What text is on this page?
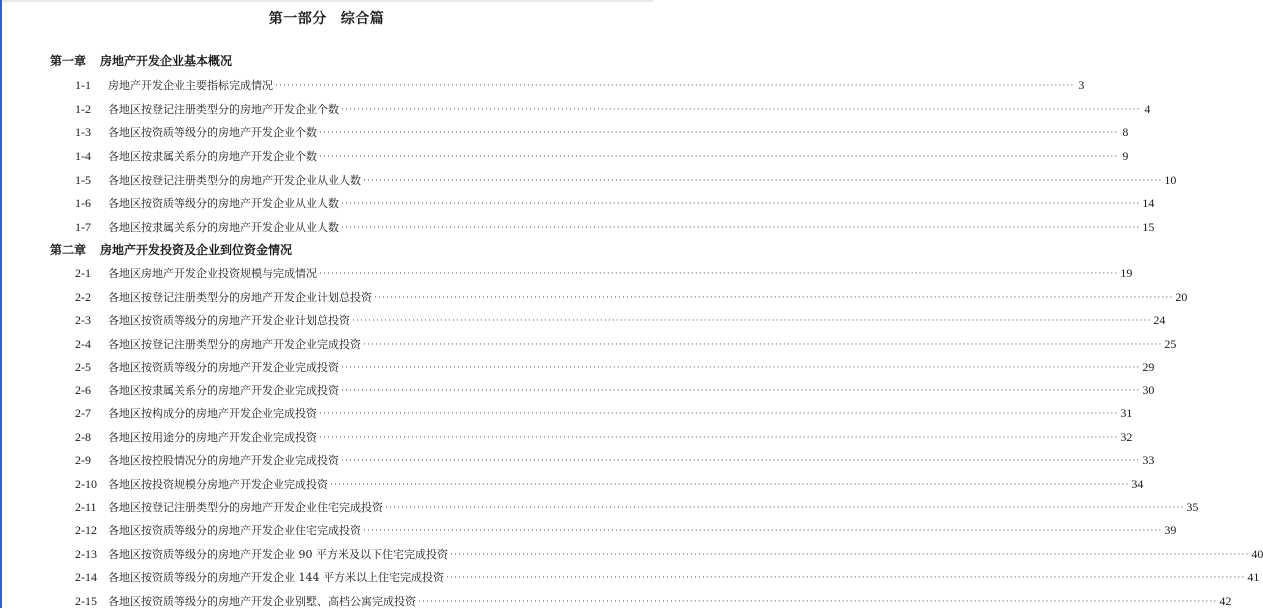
第一部分 综合篇
第一章 房地产开发企业基本概况
1-1	房地产开发企业主要指标完成情况 ········································································································································································································ 3
1-2	各地区按登记注册类型分的房地产开发企业个数 ········································································································································································································ 4
1-3	各地区按资质等级分的房地产开发企业个数 ········································································································································································································ 8
1-4	各地区按隶属关系分的房地产开发企业个数 ········································································································································································································ 9
1-5	各地区按登记注册类型分的房地产开发企业从业人数 ········································································································································································································ 10
1-6	各地区按资质等级分的房地产开发企业从业人数 ········································································································································································································ 14
1-7	各地区按隶属关系分的房地产开发企业从业人数 ········································································································································································································ 15
第二章 房地产开发投资及企业到位资金情况
2-1	各地区房地产开发企业投资规模与完成情况 ········································································································································································································ 19
2-2	各地区按登记注册类型分的房地产开发企业计划总投资 ········································································································································································································ 20
2-3	各地区按资质等级分的房地产开发企业计划总投资 ········································································································································································································ 24
2-4	各地区按登记注册类型分的房地产开发企业完成投资 ········································································································································································································ 25
2-5	各地区按资质等级分的房地产开发企业完成投资 ········································································································································································································ 29
2-6	各地区按隶属关系分的房地产开发企业完成投资 ········································································································································································································ 30
2-7	各地区按构成分的房地产开发企业完成投资 ········································································································································································································ 31
2-8	各地区按用途分的房地产开发企业完成投资 ········································································································································································································ 32
2-9	各地区按控股情况分的房地产开发企业完成投资 ········································································································································································································ 33
2-10	各地区按投资规模分房地产开发企业完成投资 ········································································································································································································ 34
2-11	各地区按登记注册类型分的房地产开发企业住宅完成投资 ········································································································································································································ 35
2-12	各地区按资质等级分的房地产开发企业住宅完成投资 ········································································································································································································ 39
2-13	各地区按资质等级分的房地产开发企业 90 平方米及以下住宅完成投资 ········································································································································································································ 40
2-14	各地区按资质等级分的房地产开发企业 144 平方米以上住宅完成投资 ········································································································································································································ 41
2-15	各地区按资质等级分的房地产开发企业别墅、高档公寓完成投资 ········································································································································································································ 42
